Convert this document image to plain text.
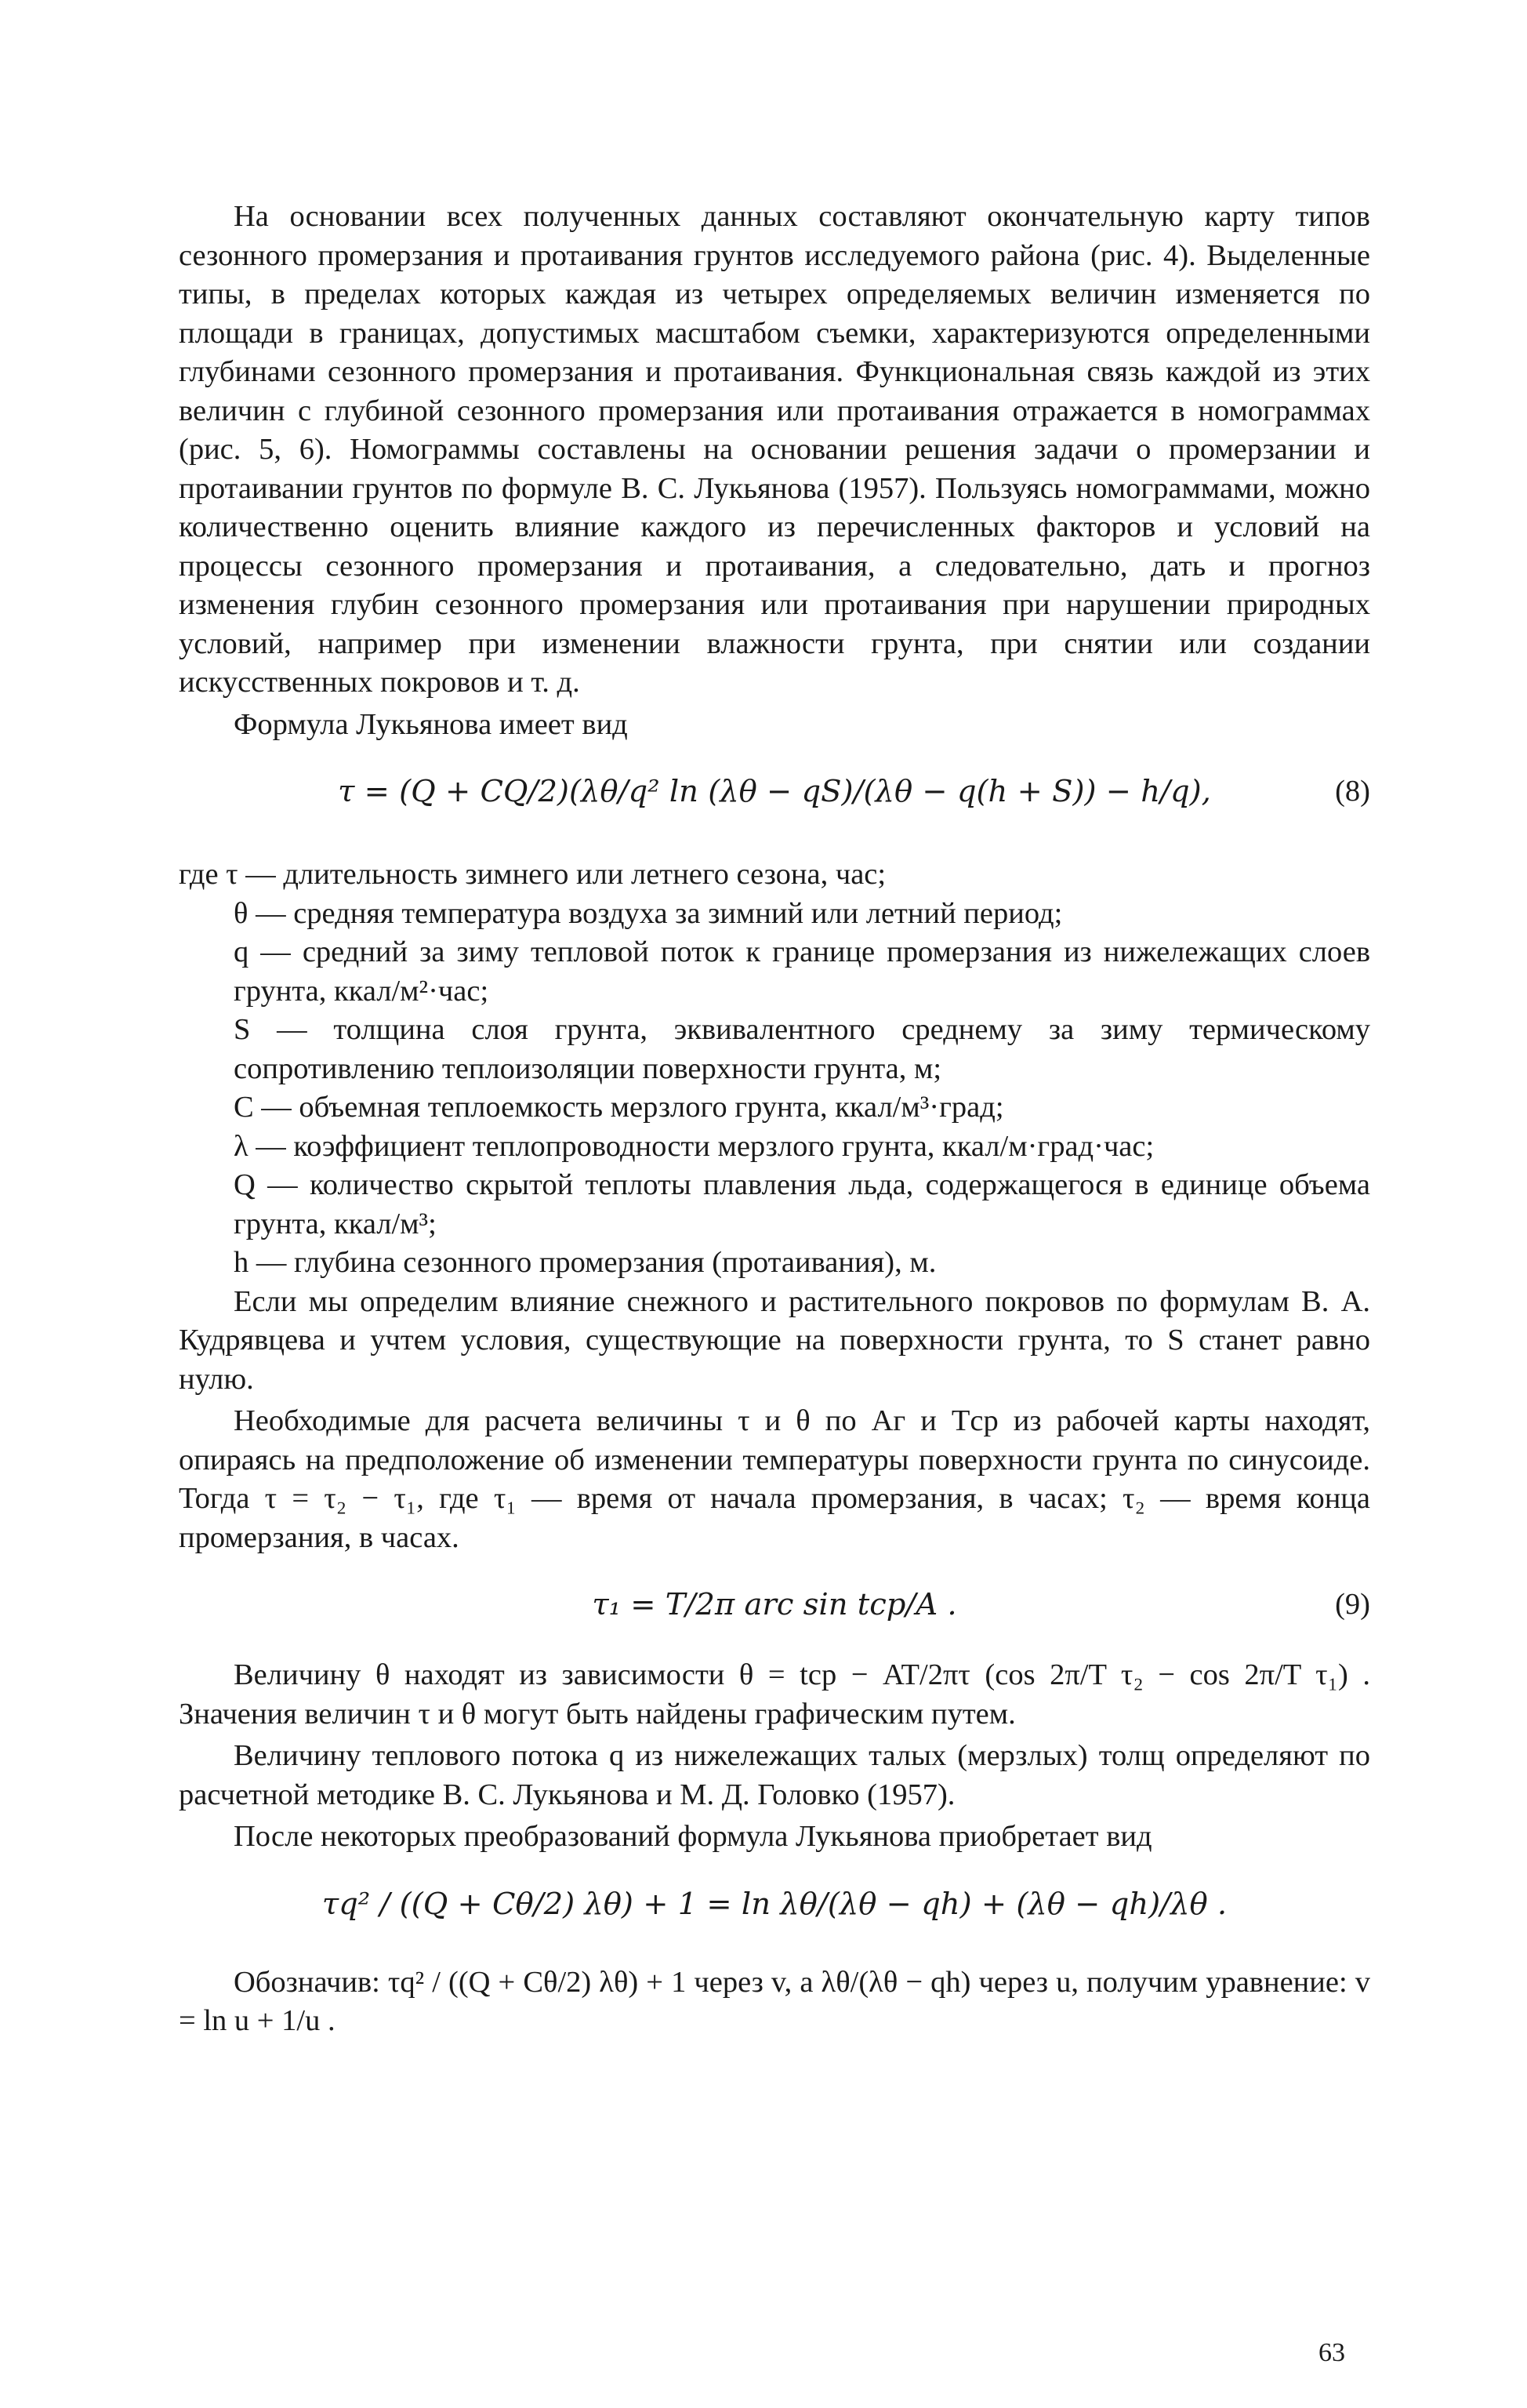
На основании всех полученных данных составляют окончательную карту типов сезонного промерзания и протаивания грунтов исследуемого района (рис. 4). Выделенные типы, в пределах которых каждая из четырех определяемых величин изменяется по площади в границах, допустимых масштабом съемки, характеризуются определенными глубинами сезонного промерзания и протаивания. Функциональная связь каждой из этих величин с глубиной сезонного промерзания или протаивания отражается в номограммах (рис. 5, 6). Номограммы составлены на основании решения задачи о промерзании и протаивании грунтов по формуле В. С. Лукьянова (1957). Пользуясь номограммами, можно количественно оценить влияние каждого из перечисленных факторов и условий на процессы сезонного промерзания и протаивания, а следовательно, дать и прогноз изменения глубин сезонного промерзания или протаивания при нарушении природных условий, например при изменении влажности грунта, при снятии или создании искусственных покровов и т. д.

Формула Лукьянова имеет вид

τ = (Q + CQ/2)(λθ/q² ln (λθ − qS)/(λθ − q(h + S)) − h/q),	(8)

где τ — длительность зимнего или летнего сезона, час;

θ — средняя температура воздуха за зимний или летний период;

q — средний за зиму тепловой поток к границе промерзания из нижележащих слоев грунта, ккал/м²·час;

S — толщина слоя грунта, эквивалентного среднему за зиму термическому сопротивлению теплоизоляции поверхности грунта, м;

C — объемная теплоемкость мерзлого грунта, ккал/м³·град;

λ — коэффициент теплопроводности мерзлого грунта, ккал/м·град·час;

Q — количество скрытой теплоты плавления льда, содержащегося в единице объема грунта, ккал/м³;

h — глубина сезонного промерзания (протаивания), м.

Если мы определим влияние снежного и растительного покровов по формулам В. А. Кудрявцева и учтем условия, существующие на поверхности грунта, то S станет равно нулю.

Необходимые для расчета величины τ и θ по Aг и Tср из рабочей карты находят, опираясь на предположение об изменении температуры поверхности грунта по синусоиде. Тогда τ = τ₂ − τ₁, где τ₁ — время от начала промерзания, в часах; τ₂ — время конца промерзания, в часах.

τ₁ = T/2π arc sin tср/A .	(9)

Величину θ находят из зависимости θ = tср − AT/2πτ (cos 2π/T τ₂ − cos 2π/T τ₁) . Значения величин τ и θ могут быть найдены графическим путем.

Величину теплового потока q из нижележащих талых (мерзлых) толщ определяют по расчетной методике В. С. Лукьянова и М. Д. Головко (1957).

После некоторых преобразований формула Лукьянова приобретает вид

τq² / ((Q + Cθ/2) λθ) + 1 = ln λθ/(λθ − qh) + (λθ − qh)/λθ .

Обозначив: τq² / ((Q + Cθ/2) λθ) + 1 через v, а λθ/(λθ − qh) через u, получим уравнение: v = ln u + 1/u .

63
